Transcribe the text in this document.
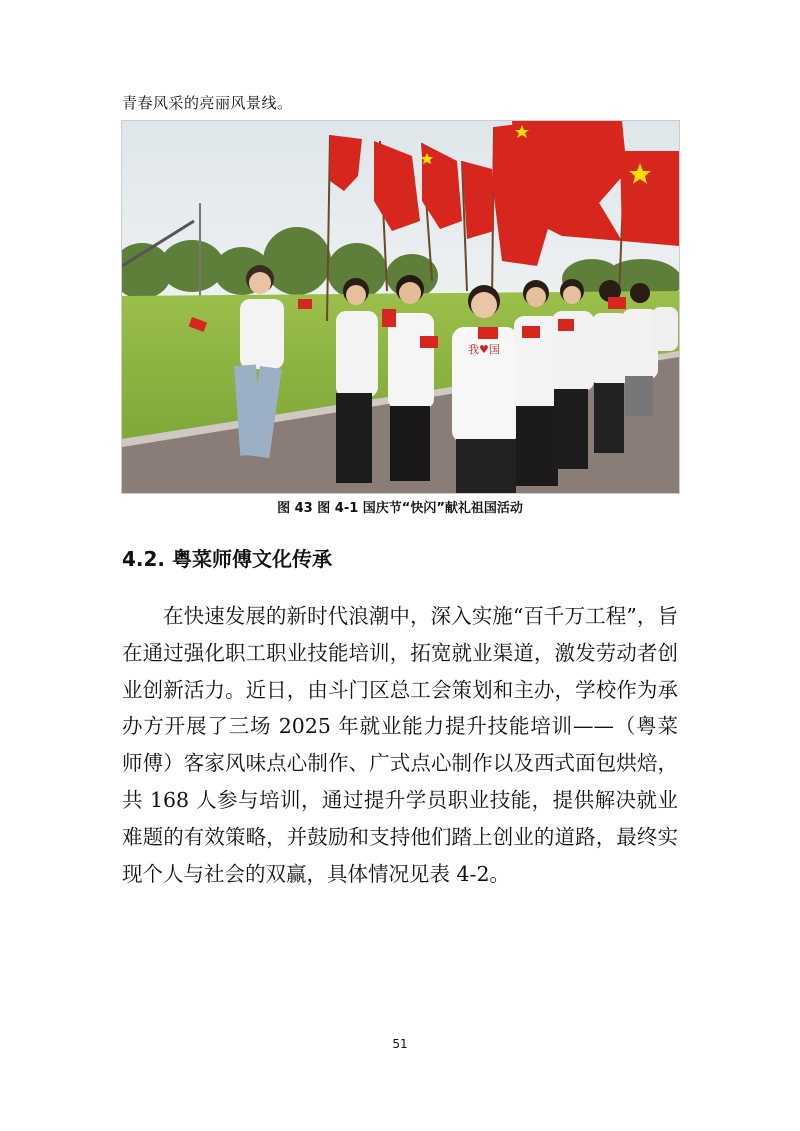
青春风采的亮丽风景线。
我♥国
图 43 图 4-1 国庆节“快闪”献礼祖国活动
4.2. 粤菜师傅文化传承
在快速发展的新时代浪潮中，深入实施“百千万工程”，旨在通过强化职工职业技能培训，拓宽就业渠道，激发劳动者创业创新活力。近日，由斗门区总工会策划和主办，学校作为承办方开展了三场 2025 年就业能力提升技能培训——（粤菜师傅）客家风味点心制作、广式点心制作以及西式面包烘焙，共 168 人参与培训，通过提升学员职业技能，提供解决就业难题的有效策略，并鼓励和支持他们踏上创业的道路，最终实现个人与社会的双赢，具体情况见表 4-2。
51
